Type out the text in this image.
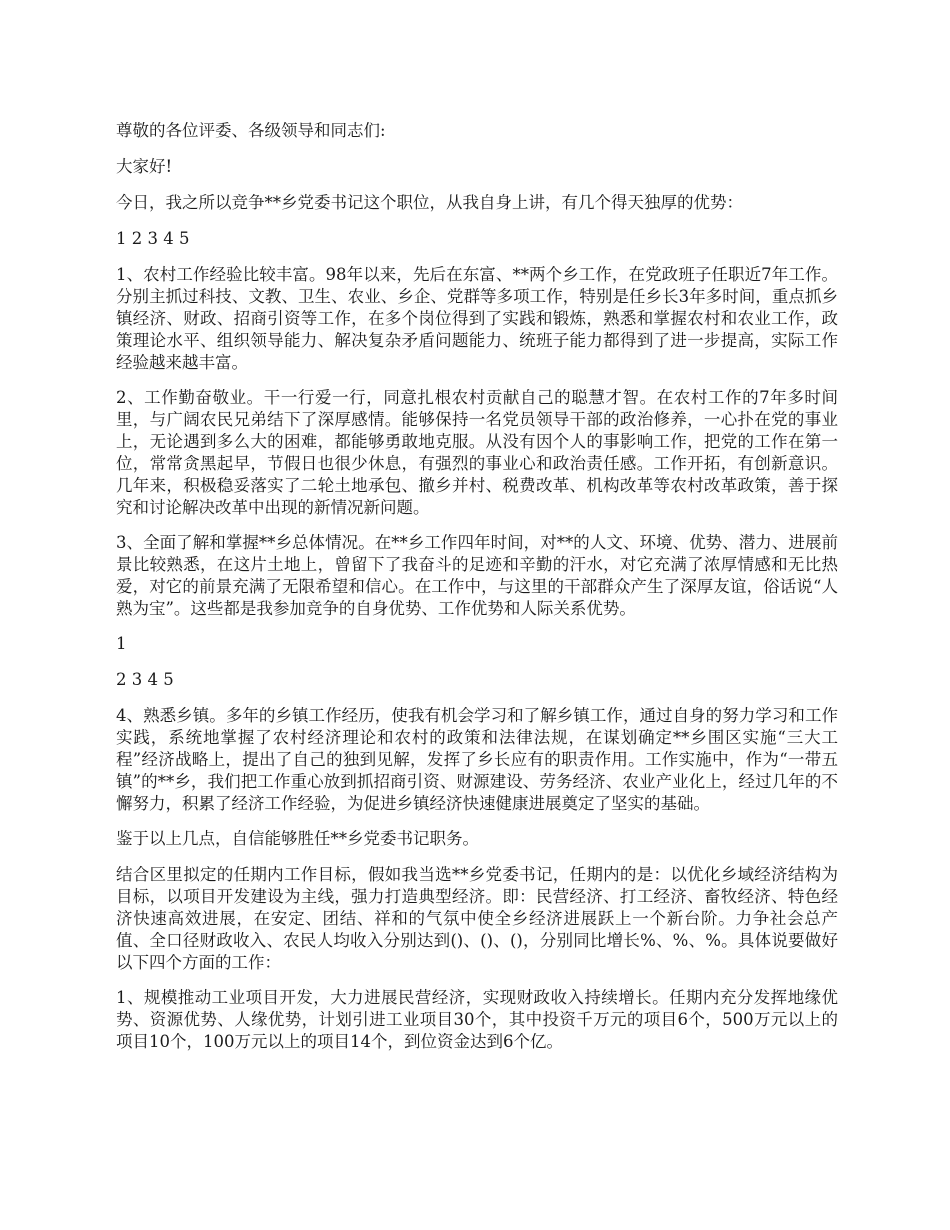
尊敬的各位评委、各级领导和同志们:

大家好!

今日，我之所以竞争**乡党委书记这个职位，从我自身上讲，有几个得天独厚的优势：

1 2 3 4 5

1、农村工作经验比较丰富。98年以来，先后在东富、**两个乡工作，在党政班子任职近7年工作。分别主抓过科技、文教、卫生、农业、乡企、党群等多项工作，特别是任乡长3年多时间，重点抓乡镇经济、财政、招商引资等工作，在多个岗位得到了实践和锻炼，熟悉和掌握农村和农业工作，政策理论水平、组织领导能力、解决复杂矛盾问题能力、统班子能力都得到了进一步提高，实际工作经验越来越丰富。

2、工作勤奋敬业。干一行爱一行，同意扎根农村贡献自己的聪慧才智。在农村工作的7年多时间里，与广阔农民兄弟结下了深厚感情。能够保持一名党员领导干部的政治修养，一心扑在党的事业上，无论遇到多么大的困难，都能够勇敢地克服。从没有因个人的事影响工作，把党的工作在第一位，常常贪黑起早，节假日也很少休息，有强烈的事业心和政治责任感。工作开拓，有创新意识。几年来，积极稳妥落实了二轮土地承包、撤乡并村、税费改革、机构改革等农村改革政策，善于探究和讨论解决改革中出现的新情况新问题。

3、全面了解和掌握**乡总体情况。在**乡工作四年时间，对**的人文、环境、优势、潜力、进展前景比较熟悉，在这片土地上，曾留下了我奋斗的足迹和辛勤的汗水，对它充满了浓厚情感和无比热爱，对它的前景充满了无限希望和信心。在工作中，与这里的干部群众产生了深厚友谊，俗话说“人熟为宝”。这些都是我参加竞争的自身优势、工作优势和人际关系优势。

1

2 3 4 5

4、熟悉乡镇。多年的乡镇工作经历，使我有机会学习和了解乡镇工作，通过自身的努力学习和工作实践，系统地掌握了农村经济理论和农村的政策和法律法规，在谋划确定**乡围区实施“三大工程”经济战略上，提出了自己的独到见解，发挥了乡长应有的职责作用。工作实施中，作为“一带五镇”的**乡，我们把工作重心放到抓招商引资、财源建设、劳务经济、农业产业化上，经过几年的不懈努力，积累了经济工作经验，为促进乡镇经济快速健康进展奠定了坚实的基础。

鉴于以上几点，自信能够胜任**乡党委书记职务。

结合区里拟定的任期内工作目标，假如我当选**乡党委书记，任期内的是：以优化乡域经济结构为目标，以项目开发建设为主线，强力打造典型经济。即：民营经济、打工经济、畜牧经济、特色经济快速高效进展，在安定、团结、祥和的气氛中使全乡经济进展跃上一个新台阶。力争社会总产值、全口径财政收入、农民人均收入分别达到()、()、()，分别同比增长%、%、%。具体说要做好以下四个方面的工作：

1、规模推动工业项目开发，大力进展民营经济，实现财政收入持续增长。任期内充分发挥地缘优势、资源优势、人缘优势，计划引进工业项目30个，其中投资千万元的项目6个，500万元以上的项目10个，100万元以上的项目14个，到位资金达到6个亿。
